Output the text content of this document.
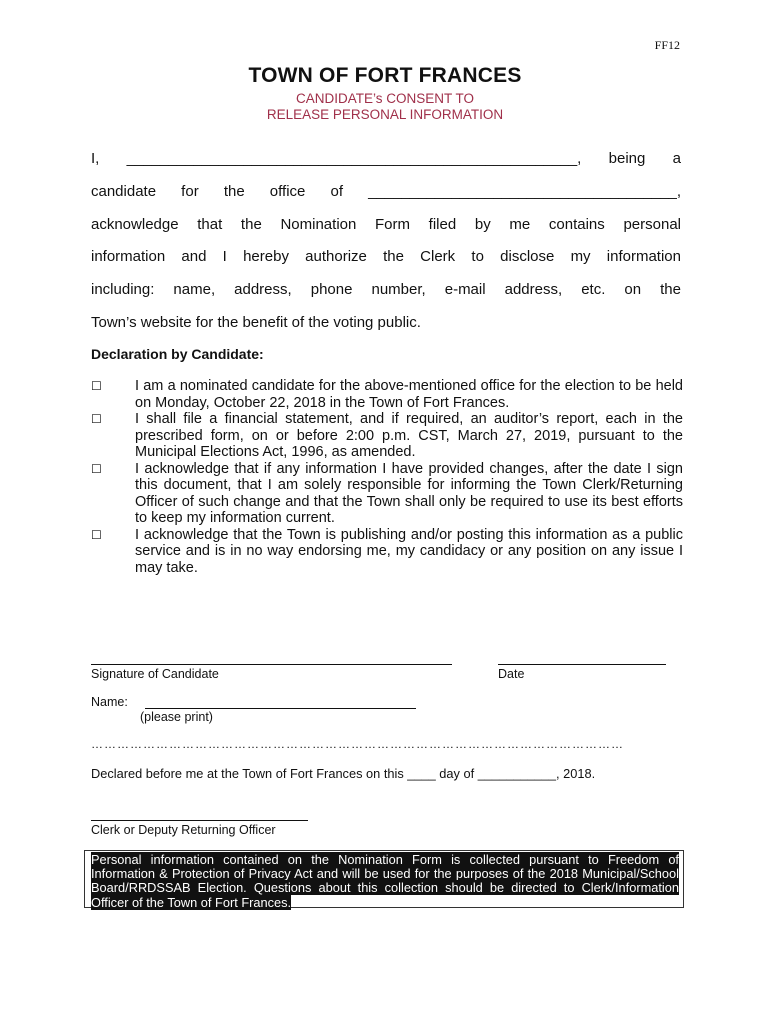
FF12
TOWN OF FORT FRANCES
CANDIDATE’s CONSENT TO
RELEASE PERSONAL INFORMATION
I, ______________________________________________________, being a
candidate for the office of _____________________________________,
acknowledge that the Nomination Form filed by me contains personal
information and I hereby authorize the Clerk to disclose my information
including: name, address, phone number, e-mail address, etc. on the
Town’s website for the benefit of the voting public.
Declaration by Candidate:
☐	I am a nominated candidate for the above-mentioned office for the election to be held on Monday, October 22, 2018 in the Town of Fort Frances.
☐	I shall file a financial statement, and if required, an auditor’s report, each in the prescribed form, on or before 2:00 p.m. CST, March 27, 2019, pursuant to the Municipal Elections Act, 1996, as amended.
☐	I acknowledge that if any information I have provided changes, after the date I sign this document, that I am solely responsible for informing the Town Clerk/Returning Officer of such change and that the Town shall only be required to use its best efforts to keep my information current.
☐	I acknowledge that the Town is publishing and/or posting this information as a public service and is in no way endorsing me, my candidacy or any position on any issue I may take.
Signature of Candidate	Date
Name:
(please print)
……………………………………………………………………………………………………………
Declared before me at the Town of Fort Frances on this ____ day of ___________, 2018.
Clerk or Deputy Returning Officer
Personal information contained on the Nomination Form is collected pursuant to Freedom of Information & Protection of Privacy Act and will be used for the purposes of the 2018 Municipal/School Board/RRDSSAB Election. Questions about this collection should be directed to Clerk/Information Officer of the Town of Fort Frances.
